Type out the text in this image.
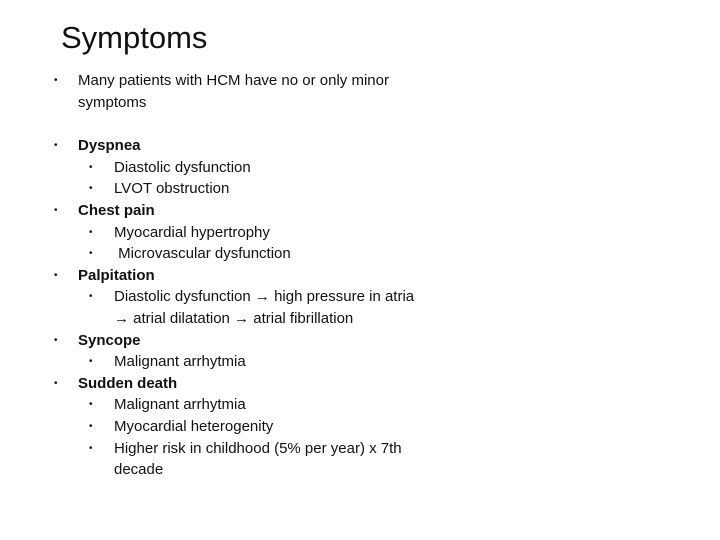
Symptoms
• Many patients with HCM have no or only minor
symptoms
• Dyspnea
• Diastolic dysfunction
• LVOT obstruction
• Chest pain
• Myocardial hypertrophy
• Microvascular dysfunction
• Palpitation
• Diastolic dysfunction → high pressure in atria
→ atrial dilatation → atrial fibrillation
• Syncope
• Malignant arrhytmia
• Sudden death
• Malignant arrhytmia
• Myocardial heterogenity
• Higher risk in childhood (5% per year) x 7th
decade
